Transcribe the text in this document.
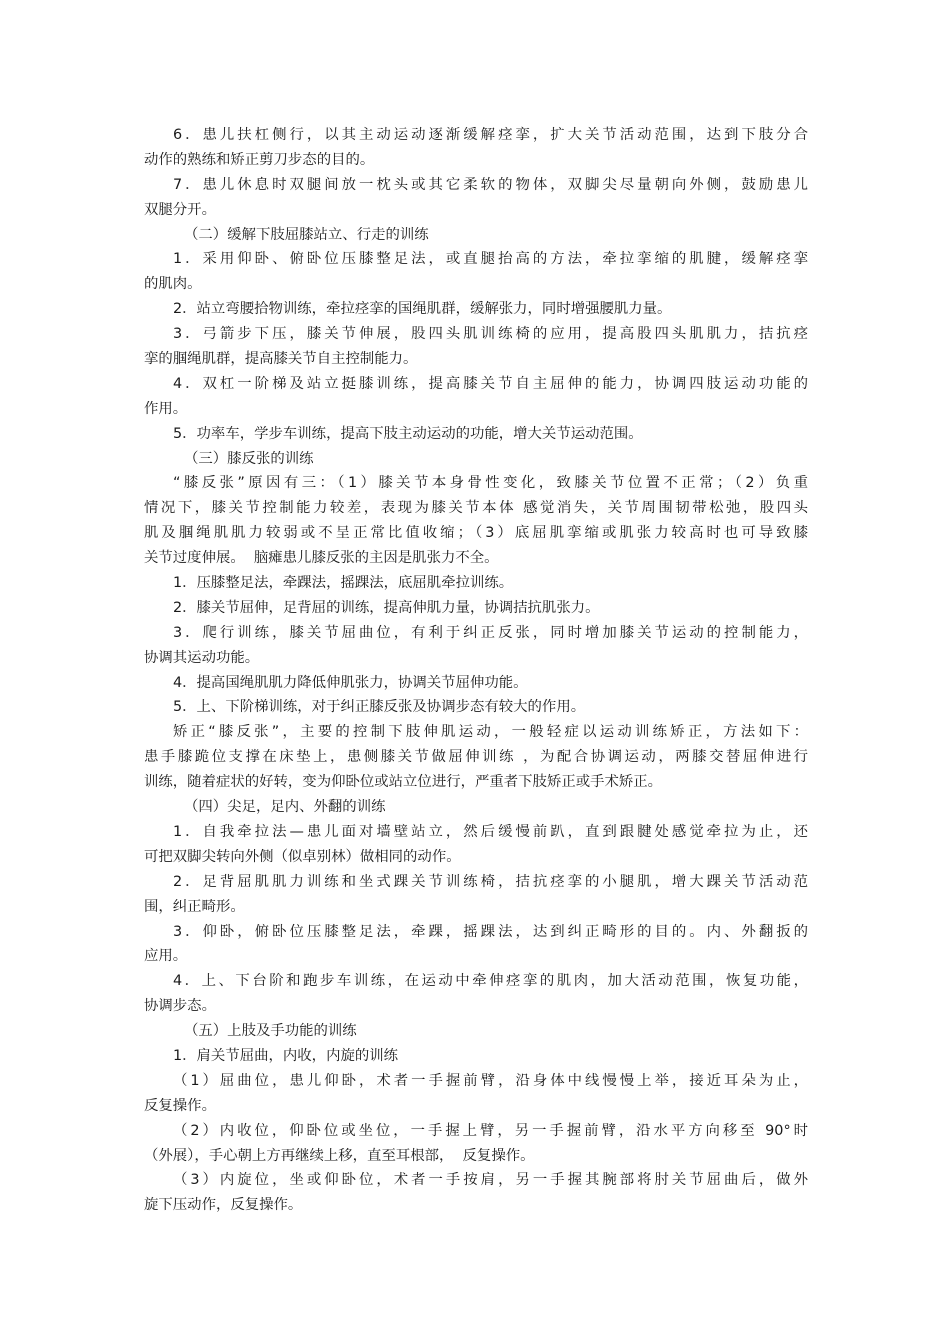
6．患儿扶杠侧行，以其主动运动逐渐缓解痉挛，扩大关节活动范围，达到下肢分合
动作的熟练和矫正剪刀步态的目的。
7．患儿休息时双腿间放一枕头或其它柔软的物体，双脚尖尽量朝向外侧，鼓励患儿
双腿分开。
（二）缓解下肢屈膝站立、行走的训练
1．采用仰卧、俯卧位压膝整足法，或直腿抬高的方法，牵拉挛缩的肌腱，缓解痉挛
的肌肉。
2．站立弯腰拾物训练，牵拉痉挛的国绳肌群，缓解张力，同时增强腰肌力量。
3．弓箭步下压，膝关节伸展，股四头肌训练椅的应用，提高股四头肌肌力，拮抗痉
挛的腘绳肌群，提高膝关节自主控制能力。
4．双杠一阶梯及站立挺膝训练，提高膝关节自主屈伸的能力，协调四肢运动功能的
作用。
5．功率车，学步车训练，提高下肢主动运动的功能，增大关节运动范围。
（三）膝反张的训练
“膝反张”原因有三：（1）膝关节本身骨性变化，致膝关节位置不正常；（2）负重
情况下，膝关节控制能力较差，表现为膝关节本体 感觉消失，关节周围韧带松弛，股四头
肌及腘绳肌肌力较弱或不呈正常比值收缩；（3）底屈肌挛缩或肌张力较高时也可导致膝
关节过度伸展。  脑瘫患儿膝反张的主因是肌张力不全。
1．压膝整足法，牵踝法，摇踝法，底屈肌牵拉训练。
2．膝关节屈伸，足背屈的训练，提高伸肌力量，协调拮抗肌张力。
3．爬行训练，膝关节屈曲位，有利于纠正反张，同时增加膝关节运动的控制能力，
协调其运动功能。
4．提高国绳肌肌力降低伸肌张力，协调关节屈伸功能。
5．上、下阶梯训练，对于纠正膝反张及协调步态有较大的作用。
矫正“膝反张”，主要的控制下肢伸肌运动，一般轻症以运动训练矫正，方法如下：
患手膝跪位支撑在床垫上，患侧膝关节做屈伸训练 ，为配合协调运动，两膝交替屈伸进行
训练，随着症状的好转，变为仰卧位或站立位进行，严重者下肢矫正或手术矫正。
（四）尖足，足内、外翻的训练
1．自我牵拉法—患儿面对墙壁站立，然后缓慢前趴，直到跟腱处感觉牵拉为止，还
可把双脚尖转向外侧（似卓别林）做相同的动作。
2．足背屈肌肌力训练和坐式踝关节训练椅，拮抗痉挛的小腿肌，增大踝关节活动范
围，纠正畸形。
3．仰卧，俯卧位压膝整足法，牵踝，摇踝法，达到纠正畸形的目的。内、外翻扳的
应用。
4．上、下台阶和跑步车训练，在运动中牵伸痉挛的肌肉，加大活动范围，恢复功能，
协调步态。
（五）上肢及手功能的训练
1．肩关节屈曲，内收，内旋的训练
（1）屈曲位，患儿仰卧，术者一手握前臂，沿身体中线慢慢上举，接近耳朵为止，
反复操作。
（2）内收位，仰卧位或坐位，一手握上臂，另一手握前臂，沿水平方向移至 90°时
（外展），手心朝上方再继续上移，直至耳根部，  反复操作。
（3）内旋位，坐或仰卧位，术者一手按肩，另一手握其腕部将肘关节屈曲后，做外
旋下压动作，反复操作。
